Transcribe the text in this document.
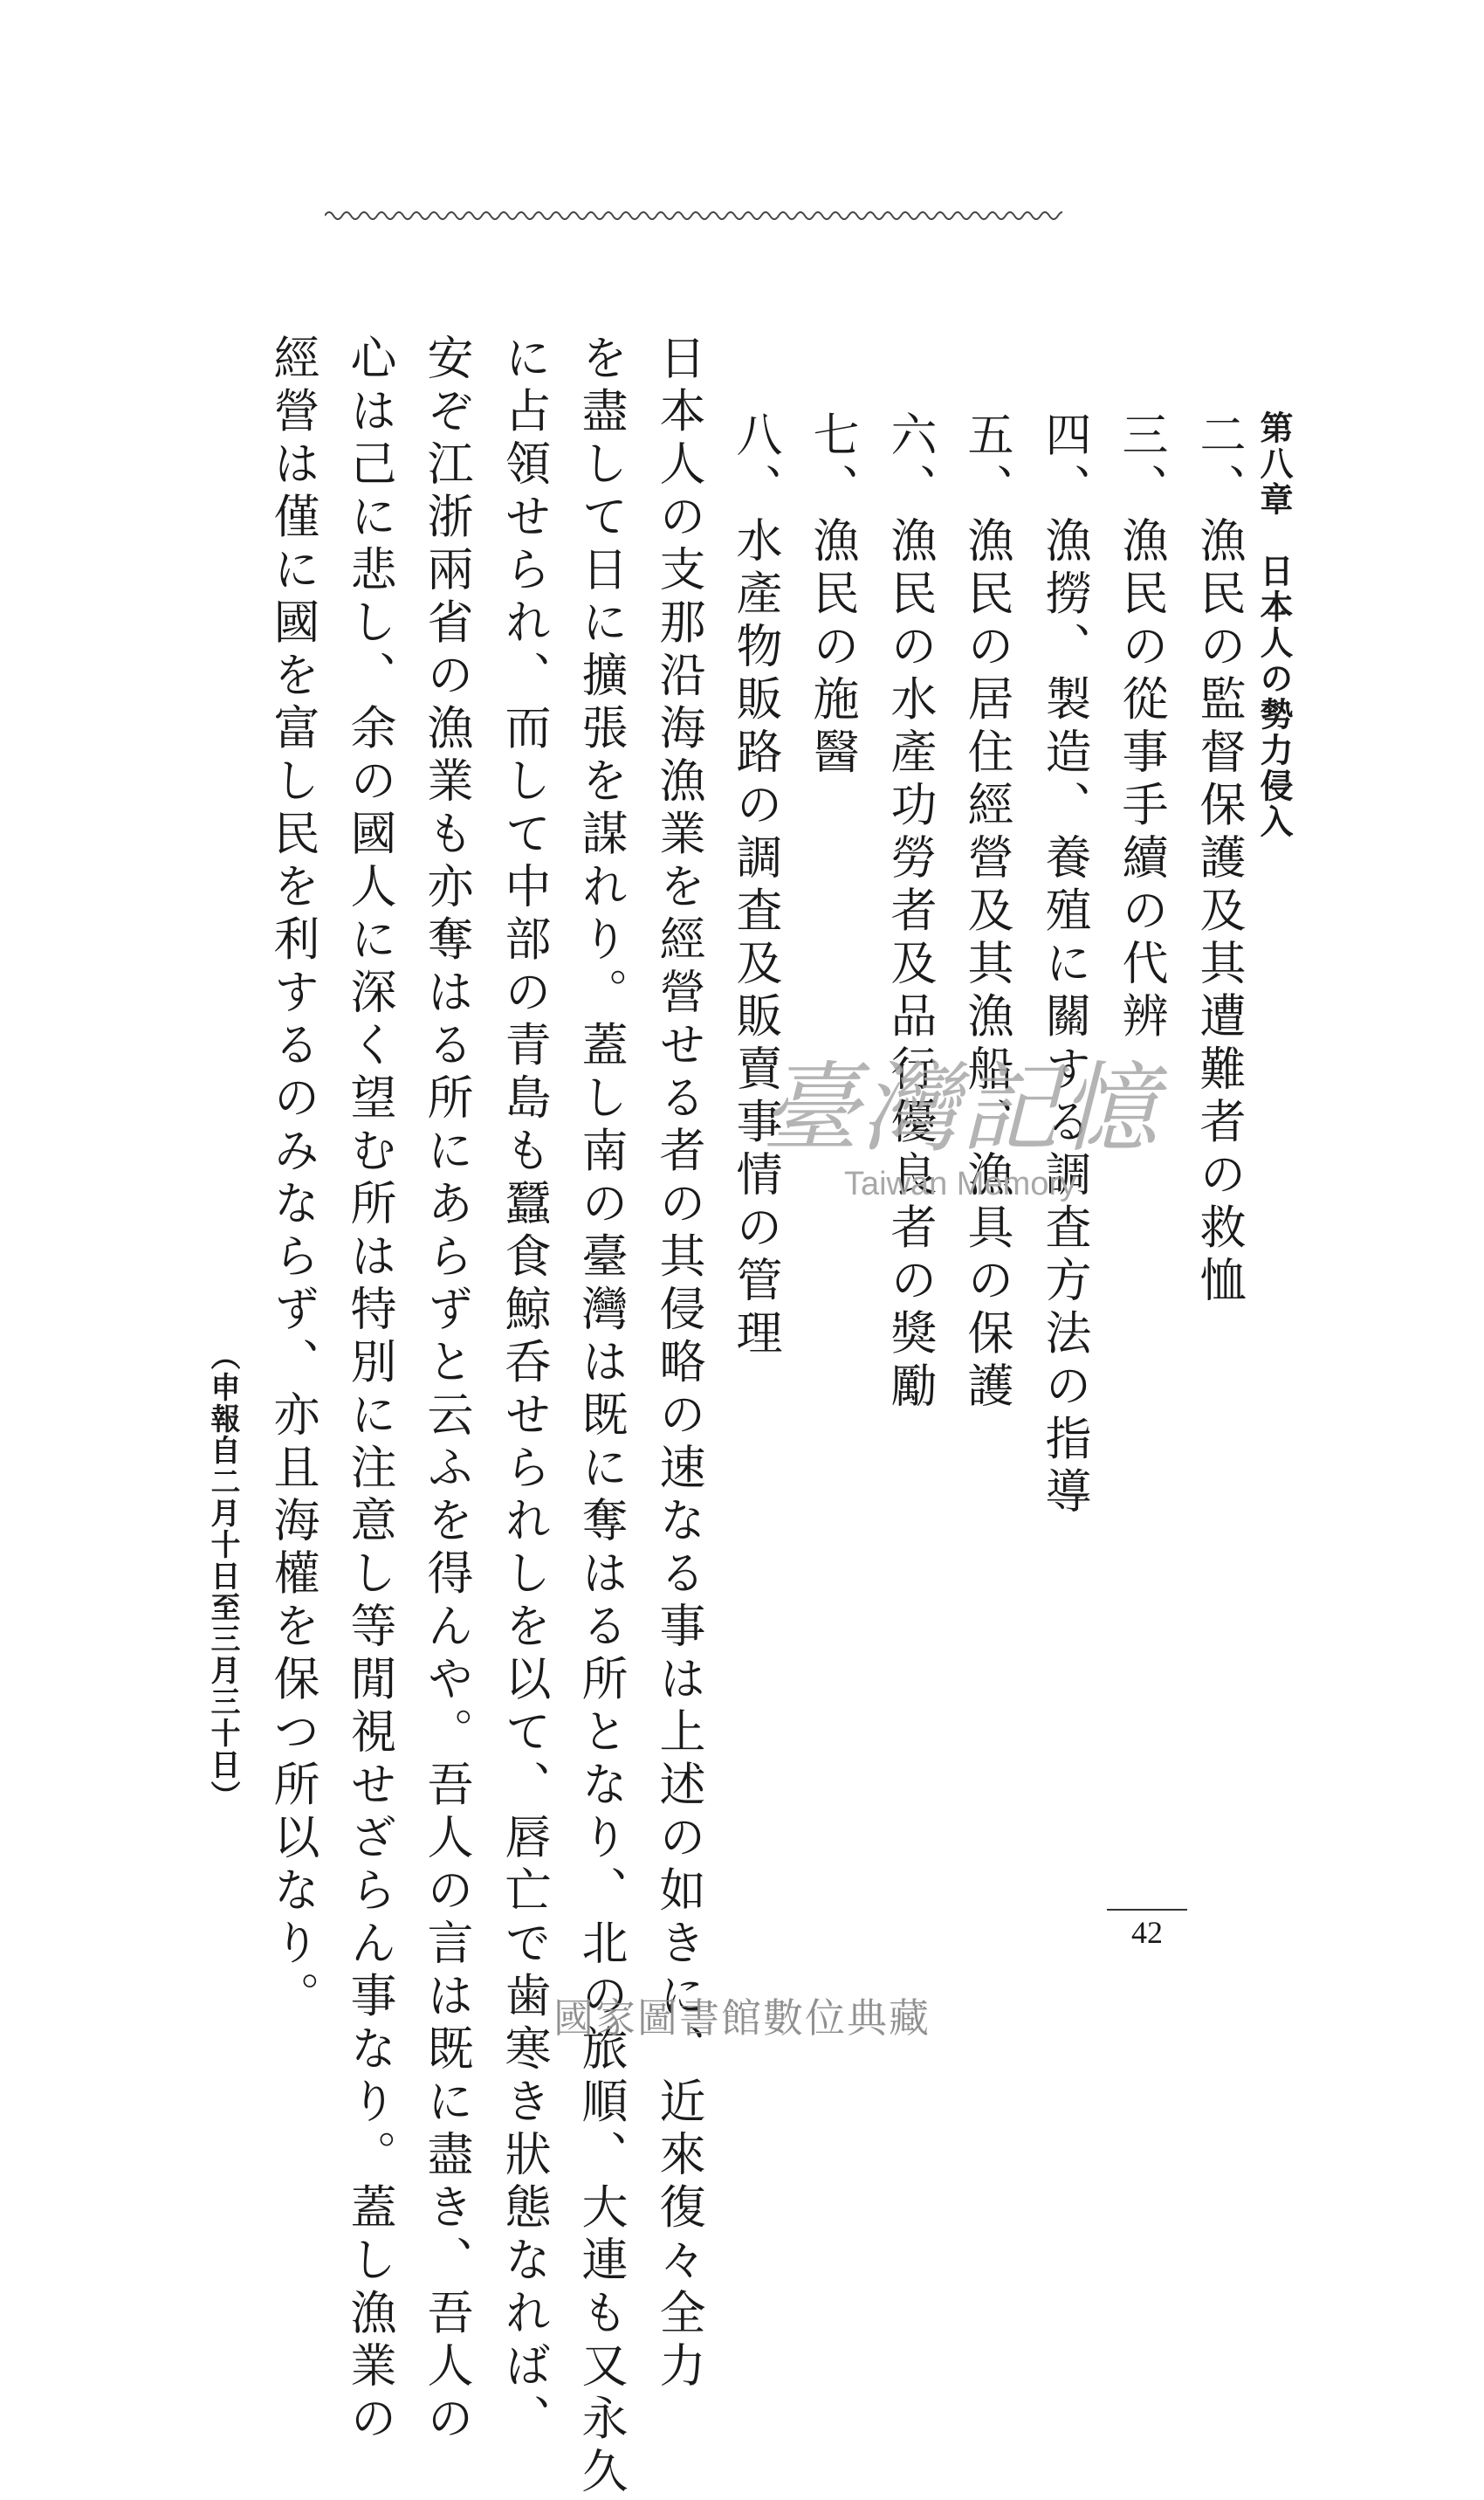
第八章　日本人の勢力侵入
二、漁民の監督保護及其遭難者の救恤
三、漁民の從事手續の代辨
四、漁撈、製造、養殖に關する調査方法の指導
五、漁民の居住經營及其漁船、漁具の保護
六、漁民の水產功勞者及品行優良者の獎勵
七、漁民の施醫
八、水產物販路の調査及販賣事情の管理
日本人の支那沿海漁業を經營せる者の其侵略の速なる事は上述の如きに、近來復々全力
を盡して日に擴張を謀れり。蓋し南の臺灣は既に奪はる所となり、北の旅順、大連も又永久
に占領せられ、而して中部の青島も蠶食鯨呑せられしを以て、唇亡で歯寒き狀態なれば、
安ぞ江浙兩省の漁業も亦奪はる所にあらずと云ふを得んや。吾人の言は既に盡き、吾人の
心は己に悲し、余の國人に深く望む所は特別に注意し等閒視せざらん事なり。蓋し漁業の
經營は僅に國を富し民を利するのみならず、亦且海權を保つ所以なり。
（申報自二月十日至三月三十日）
42
臺灣記憶
Taiwan Memory
國家圖書館數位典藏
